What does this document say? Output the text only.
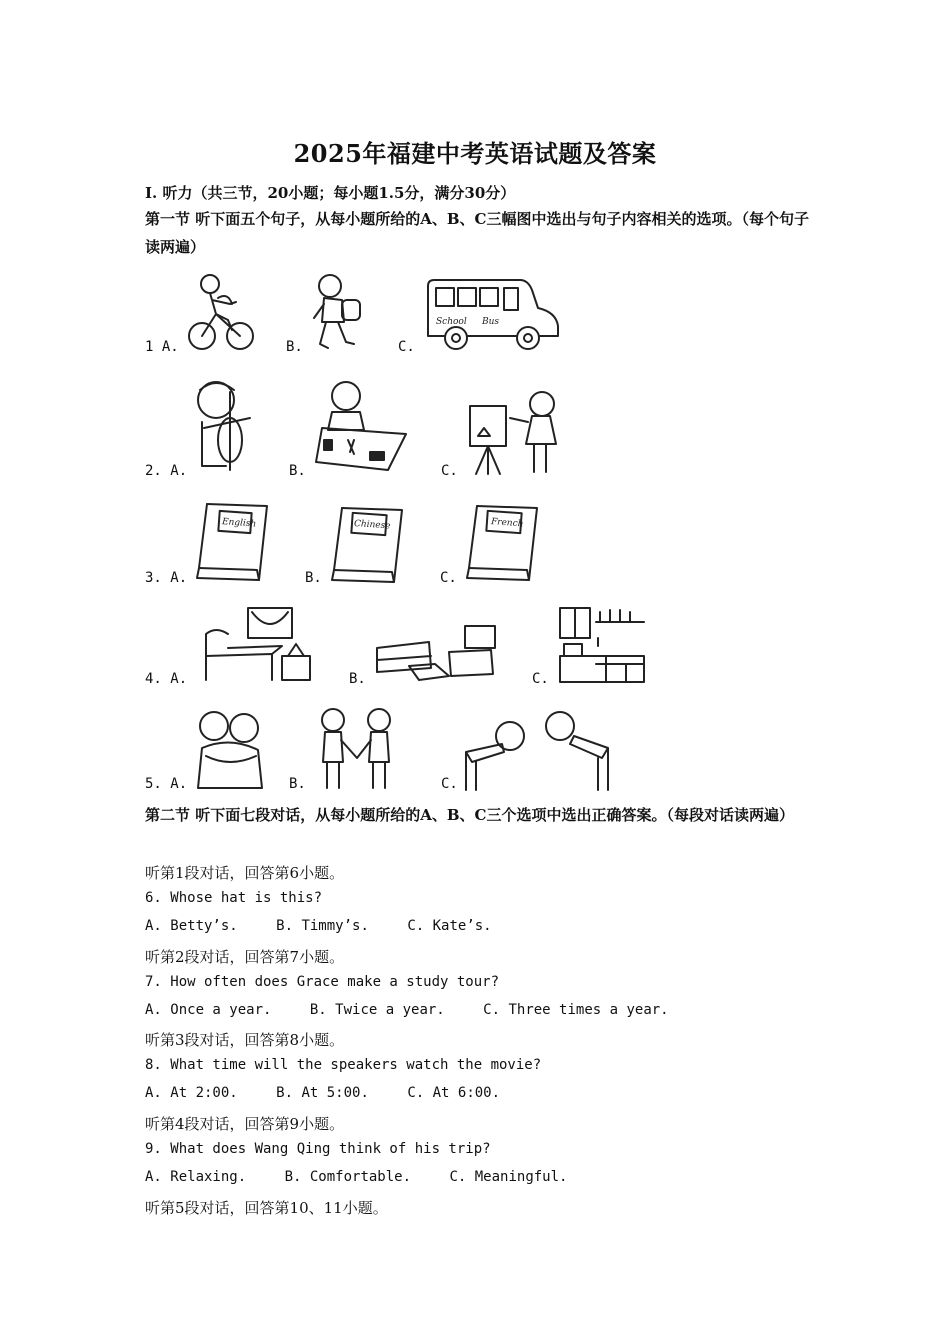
2025年福建中考英语试题及答案
Ⅰ. 听力（共三节，20小题；每小题1.5分，满分30分）
第一节 听下面五个句子，从每小题所给的A、B、C三幅图中选出与句子内容相关的选项。（每个句子读两遍）
1 A.	B.	C.
School Bus
2. A.	B.	C.
3. A.	B.	C.
English	Chinese	French
4. A.	B.	C.
5. A.	B.	C.
第二节 听下面七段对话，从每小题所给的A、B、C三个选项中选出正确答案。（每段对话读两遍）
听第1段对话，回答第6小题。
6. Whose hat is this?
A. Betty’s.	B. Timmy’s.	C. Kate’s.
听第2段对话，回答第7小题。
7. How often does Grace make a study tour?
A. Once a year.	B. Twice a year.	C. Three times a year.
听第3段对话，回答第8小题。
8. What time will the speakers watch the movie?
A. At 2:00.	B. At 5:00.	C. At 6:00.
听第4段对话，回答第9小题。
9. What does Wang Qing think of his trip?
A. Relaxing.	B. Comfortable.	C. Meaningful.
听第5段对话，回答第10、11小题。
